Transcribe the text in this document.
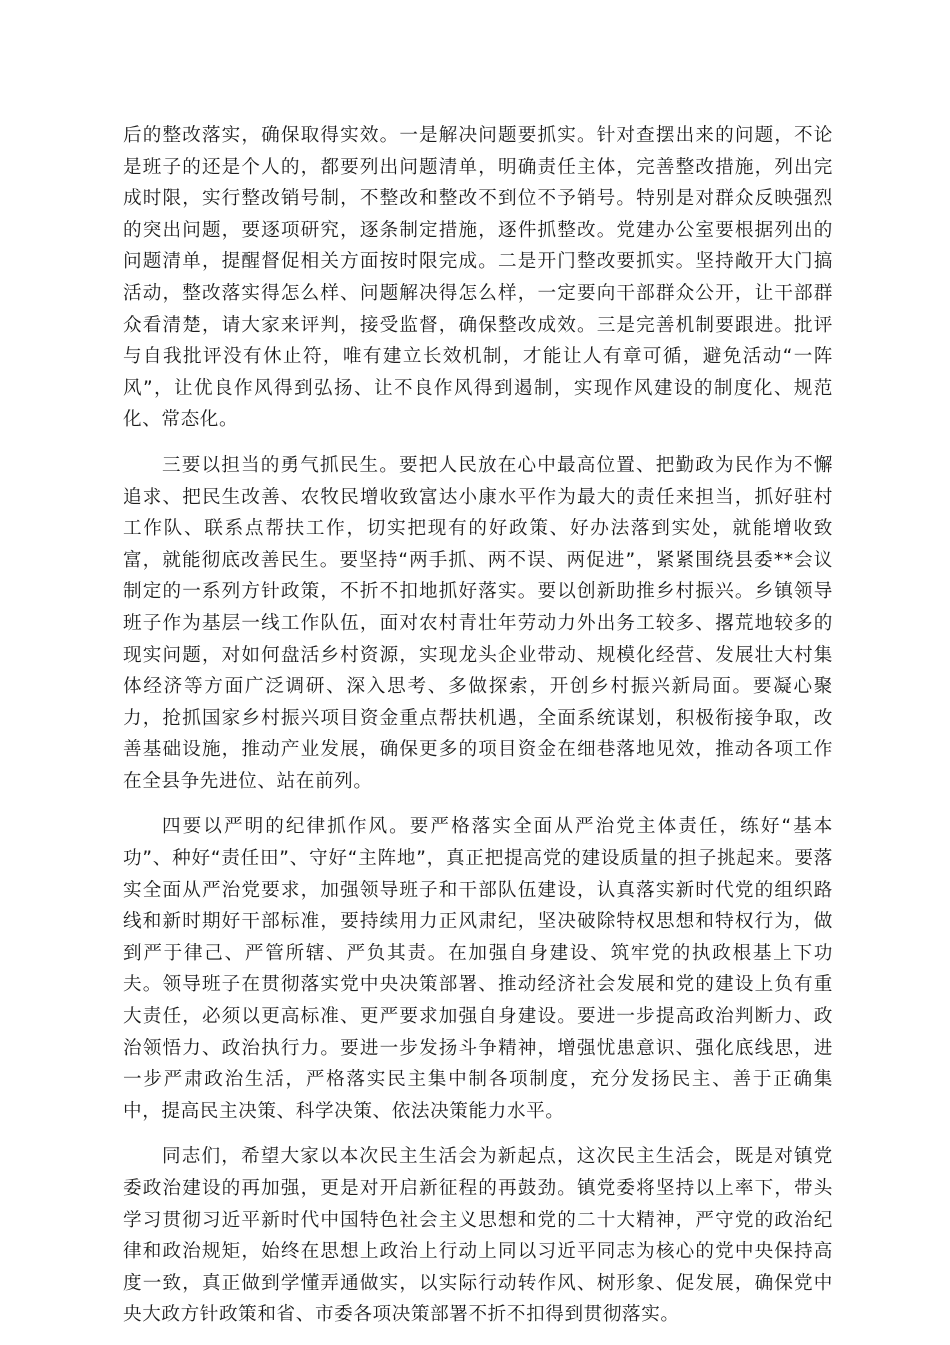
后的整改落实，确保取得实效。一是解决问题要抓实。针对查摆出来的问题，不论是班子的还是个人的，都要列出问题清单，明确责任主体，完善整改措施，列出完成时限，实行整改销号制，不整改和整改不到位不予销号。特别是对群众反映强烈的突出问题，要逐项研究，逐条制定措施，逐件抓整改。党建办公室要根据列出的问题清单，提醒督促相关方面按时限完成。二是开门整改要抓实。坚持敞开大门搞活动，整改落实得怎么样、问题解决得怎么样，一定要向干部群众公开，让干部群众看清楚，请大家来评判，接受监督，确保整改成效。三是完善机制要跟进。批评与自我批评没有休止符，唯有建立长效机制，才能让人有章可循，避免活动“一阵风”，让优良作风得到弘扬、让不良作风得到遏制，实现作风建设的制度化、规范化、常态化。

三要以担当的勇气抓民生。要把人民放在心中最高位置、把勤政为民作为不懈追求、把民生改善、农牧民增收致富达小康水平作为最大的责任来担当，抓好驻村工作队、联系点帮扶工作，切实把现有的好政策、好办法落到实处，就能增收致富，就能彻底改善民生。要坚持“两手抓、两不误、两促进”，紧紧围绕县委**会议制定的一系列方针政策，不折不扣地抓好落实。要以创新助推乡村振兴。乡镇领导班子作为基层一线工作队伍，面对农村青壮年劳动力外出务工较多、撂荒地较多的现实问题，对如何盘活乡村资源，实现龙头企业带动、规模化经营、发展壮大村集体经济等方面广泛调研、深入思考、多做探索，开创乡村振兴新局面。要凝心聚力，抢抓国家乡村振兴项目资金重点帮扶机遇，全面系统谋划，积极衔接争取，改善基础设施，推动产业发展，确保更多的项目资金在细巷落地见效，推动各项工作在全县争先进位、站在前列。

四要以严明的纪律抓作风。要严格落实全面从严治党主体责任，练好“基本功”、种好“责任田”、守好“主阵地”，真正把提高党的建设质量的担子挑起来。要落实全面从严治党要求，加强领导班子和干部队伍建设，认真落实新时代党的组织路线和新时期好干部标准，要持续用力正风肃纪，坚决破除特权思想和特权行为，做到严于律己、严管所辖、严负其责。在加强自身建设、筑牢党的执政根基上下功夫。领导班子在贯彻落实党中央决策部署、推动经济社会发展和党的建设上负有重大责任，必须以更高标准、更严要求加强自身建设。要进一步提高政治判断力、政治领悟力、政治执行力。要进一步发扬斗争精神，增强忧患意识、强化底线思，进一步严肃政治生活，严格落实民主集中制各项制度，充分发扬民主、善于正确集中，提高民主决策、科学决策、依法决策能力水平。

同志们，希望大家以本次民主生活会为新起点，这次民主生活会，既是对镇党委政治建设的再加强，更是对开启新征程的再鼓劲。镇党委将坚持以上率下，带头学习贯彻习近平新时代中国特色社会主义思想和党的二十大精神，严守党的政治纪律和政治规矩，始终在思想上政治上行动上同以习近平同志为核心的党中央保持高度一致，真正做到学懂弄通做实，以实际行动转作风、树形象、促发展，确保党中央大政方针政策和省、市委各项决策部署不折不扣得到贯彻落实。
